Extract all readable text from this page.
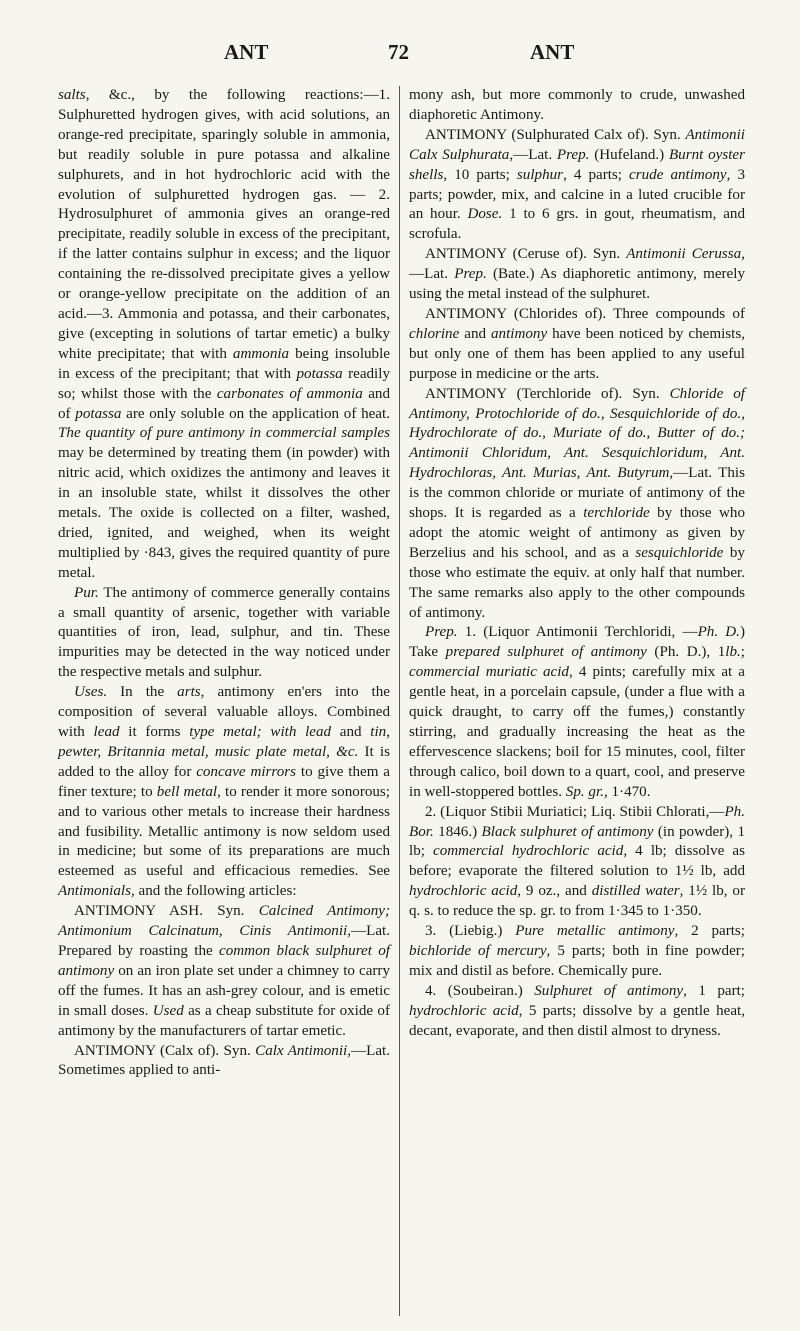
ANT	72	ANT

salts, &c., by the following reactions:—1. Sulphuretted hydrogen gives, with acid solutions, an orange-red precipitate, sparingly soluble in ammonia, but readily soluble in pure potassa and alkaline sulphurets, and in hot hydrochloric acid with the evolution of sulphuretted hydrogen gas. — 2. Hydrosulphuret of ammonia gives an orange-red precipitate, readily soluble in excess of the precipitant, if the latter contains sulphur in excess; and the liquor containing the re-dissolved precipitate gives a yellow or orange-yellow precipitate on the addition of an acid.—3. Ammonia and potassa, and their carbonates, give (excepting in solutions of tartar emetic) a bulky white precipitate; that with ammonia being insoluble in excess of the precipitant; that with potassa readily so; whilst those with the carbonates of ammonia and of potassa are only soluble on the application of heat. The quantity of pure antimony in commercial samples may be determined by treating them (in powder) with nitric acid, which oxidizes the antimony and leaves it in an insoluble state, whilst it dissolves the other metals. The oxide is collected on a filter, washed, dried, ignited, and weighed, when its weight multiplied by ·843, gives the required quantity of pure metal.

Pur. The antimony of commerce generally contains a small quantity of arsenic, together with variable quantities of iron, lead, sulphur, and tin. These impurities may be detected in the way noticed under the respective metals and sulphur.

Uses. In the arts, antimony en'ers into the composition of several valuable alloys. Combined with lead it forms type metal; with lead and tin, pewter, Britannia metal, music plate metal, &c. It is added to the alloy for concave mirrors to give them a finer texture; to bell metal, to render it more sonorous; and to various other metals to increase their hardness and fusibility. Metallic antimony is now seldom used in medicine; but some of its preparations are much esteemed as useful and efficacious remedies. See Antimonials, and the following articles:

ANTIMONY ASH. Syn. Calcined Antimony; Antimonium Calcinatum, Cinis Antimonii,—Lat. Prepared by roasting the common black sulphuret of antimony on an iron plate set under a chimney to carry off the fumes. It has an ash-grey colour, and is emetic in small doses. Used as a cheap substitute for oxide of antimony by the manufacturers of tartar emetic.

ANTIMONY (Calx of). Syn. Calx Antimonii,—Lat. Sometimes applied to anti-

mony ash, but more commonly to crude, unwashed diaphoretic Antimony.

ANTIMONY (Sulphurated Calx of). Syn. Antimonii Calx Sulphurata,—Lat. Prep. (Hufeland.) Burnt oyster shells, 10 parts; sulphur, 4 parts; crude antimony, 3 parts; powder, mix, and calcine in a luted crucible for an hour. Dose. 1 to 6 grs. in gout, rheumatism, and scrofula.

ANTIMONY (Ceruse of). Syn. Antimonii Cerussa,—Lat. Prep. (Bate.) As diaphoretic antimony, merely using the metal instead of the sulphuret.

ANTIMONY (Chlorides of). Three compounds of chlorine and antimony have been noticed by chemists, but only one of them has been applied to any useful purpose in medicine or the arts.

ANTIMONY (Terchloride of). Syn. Chloride of Antimony, Protochloride of do., Sesquichloride of do., Hydrochlorate of do., Muriate of do., Butter of do.; Antimonii Chloridum, Ant. Sesquichloridum, Ant. Hydrochloras, Ant. Murias, Ant. Butyrum,—Lat. This is the common chloride or muriate of antimony of the shops. It is regarded as a terchloride by those who adopt the atomic weight of antimony as given by Berzelius and his school, and as a sesquichloride by those who estimate the equiv. at only half that number. The same remarks also apply to the other compounds of antimony.

Prep. 1. (Liquor Antimonii Terchloridi, —Ph. D.) Take prepared sulphuret of antimony (Ph. D.), 1lb.; commercial muriatic acid, 4 pints; carefully mix at a gentle heat, in a porcelain capsule, (under a flue with a quick draught, to carry off the fumes,) constantly stirring, and gradually increasing the heat as the effervescence slackens; boil for 15 minutes, cool, filter through calico, boil down to a quart, cool, and preserve in well-stoppered bottles. Sp. gr., 1·470.

2. (Liquor Stibii Muriatici; Liq. Stibii Chlorati,—Ph. Bor. 1846.) Black sulphuret of antimony (in powder), 1 lb; commercial hydrochloric acid, 4 lb; dissolve as before; evaporate the filtered solution to 1½ lb, add hydrochloric acid, 9 oz., and distilled water, 1½ lb, or q. s. to reduce the sp. gr. to from 1·345 to 1·350.

3. (Liebig.) Pure metallic antimony, 2 parts; bichloride of mercury, 5 parts; both in fine powder; mix and distil as before. Chemically pure.

4. (Soubeiran.) Sulphuret of antimony, 1 part; hydrochloric acid, 5 parts; dissolve by a gentle heat, decant, evaporate, and then distil almost to dryness.
